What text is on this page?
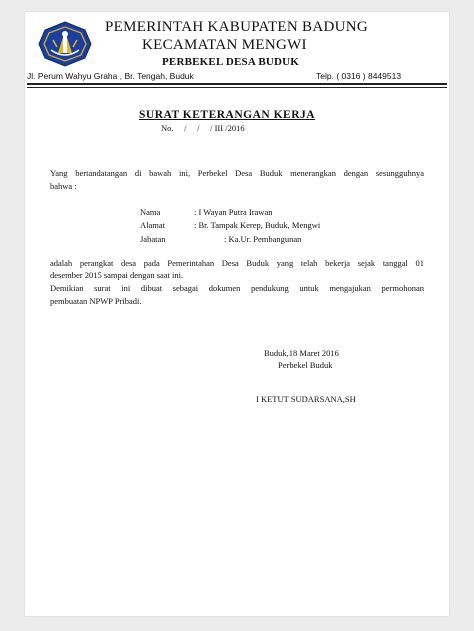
PEMERINTAH KABUPATEN BADUNG
KECAMATAN MENGWI
PERBEKEL DESA BUDUK
Jl. Perum Wahyu Graha , Br. Tengah, Buduk	Telp. ( 0316 ) 8449513
SURAT KETERANGAN KERJA
No.     /     /     / III /2016
Yang bertandatangan di bawah ini, Perbekel Desa Buduk menerangkan dengan sesungguhnya
bahwa :
Nama	: I Wayan Putra Irawan
Alamat	: Br. Tampak Kerep, Buduk, Mengwi
Jabatan	: Ka.Ur. Pembangunan
adalah perangkat desa pada Pemerintahan Desa Buduk yang telah bekerja sejak tanggal 01
desember 2015 sampai dengan saat ini.
Demikian surat ini dibuat sebagai dokumen pendukung untuk mengajukan permohonan
pembuatan NPWP Pribadi.
Buduk,18 Maret 2016
Perbekel Buduk
I KETUT SUDARSANA,SH
